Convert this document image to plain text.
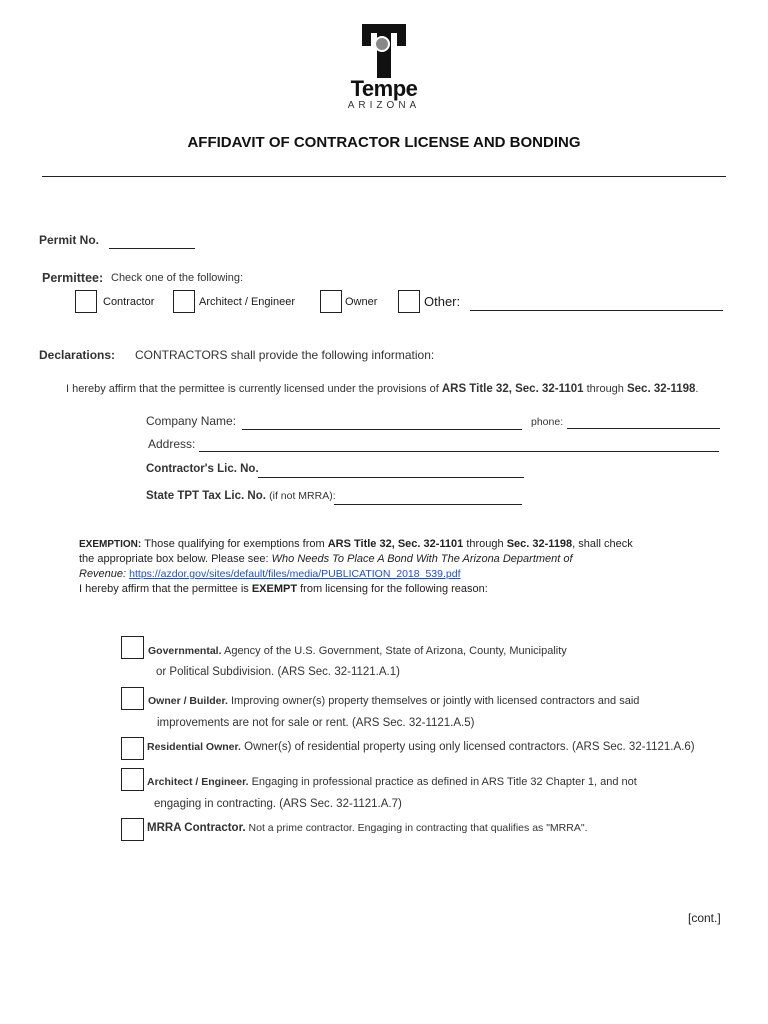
Tempe
ARIZONA
AFFIDAVIT OF CONTRACTOR LICENSE AND BONDING
Permit No.
Permittee: Check one of the following:
Contractor	Architect / Engineer	Owner	Other:
Declarations: CONTRACTORS shall provide the following information:
I hereby affirm that the permittee is currently licensed under the provisions of ARS Title 32, Sec. 32-1101 through Sec. 32-1198.
Company Name:	phone:
Address:
Contractor's Lic. No.
State TPT Tax Lic. No. (if not MRRA):
EXEMPTION: Those qualifying for exemptions from ARS Title 32, Sec. 32-1101 through Sec. 32-1198, shall check
the appropriate box below. Please see: Who Needs To Place A Bond With The Arizona Department of
Revenue: https://azdor.gov/sites/default/files/media/PUBLICATION_2018_539.pdf
I hereby affirm that the permittee is EXEMPT from licensing for the following reason:
Governmental. Agency of the U.S. Government, State of Arizona, County, Municipality
or Political Subdivision. (ARS Sec. 32-1121.A.1)
Owner / Builder. Improving owner(s) property themselves or jointly with licensed contractors and said
improvements are not for sale or rent. (ARS Sec. 32-1121.A.5)
Residential Owner. Owner(s) of residential property using only licensed contractors. (ARS Sec. 32-1121.A.6)
Architect / Engineer. Engaging in professional practice as defined in ARS Title 32 Chapter 1, and not
engaging in contracting. (ARS Sec. 32-1121.A.7)
MRRA Contractor. Not a prime contractor. Engaging in contracting that qualifies as "MRRA".
[cont.]
